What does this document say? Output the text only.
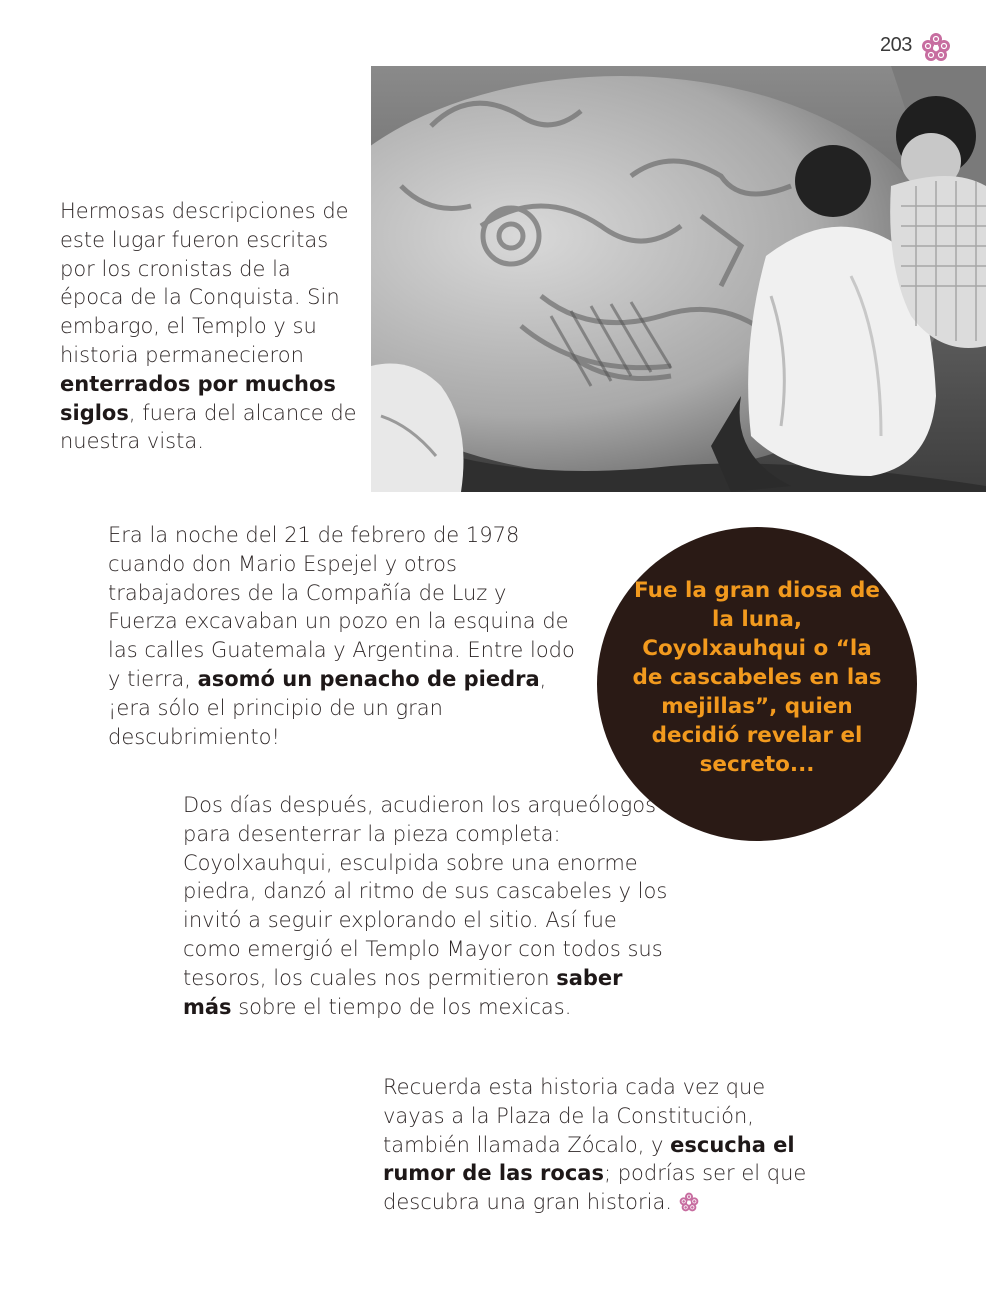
203

Hermosas descripciones de este lugar fueron escritas por los cronistas de la época de la Conquista. Sin embargo, el Templo y su historia permanecieron enterrados por muchos siglos, fuera del alcance de nuestra vista.

Era la noche del 21 de febrero de 1978 cuando don Mario Espejel y otros trabajadores de la Compañía de Luz y Fuerza excavaban un pozo en la esquina de las calles Guatemala y Argentina. Entre lodo y tierra, asomó un penacho de piedra, ¡era sólo el principio de un gran descubrimiento!

Fue la gran diosa de la luna, Coyolxauhqui o “la de cascabeles en las mejillas”, quien decidió revelar el secreto...

Dos días después, acudieron los arqueólogos para desenterrar la pieza completa: Coyolxauhqui, esculpida sobre una enorme piedra, danzó al ritmo de sus cascabeles y los invitó a seguir explorando el sitio. Así fue como emergió el Templo Mayor con todos sus tesoros, los cuales nos permitieron saber más sobre el tiempo de los mexicas.

Recuerda esta historia cada vez que vayas a la Plaza de la Constitución, también llamada Zócalo, y escucha el rumor de las rocas; podrías ser el que descubra una gran historia.
